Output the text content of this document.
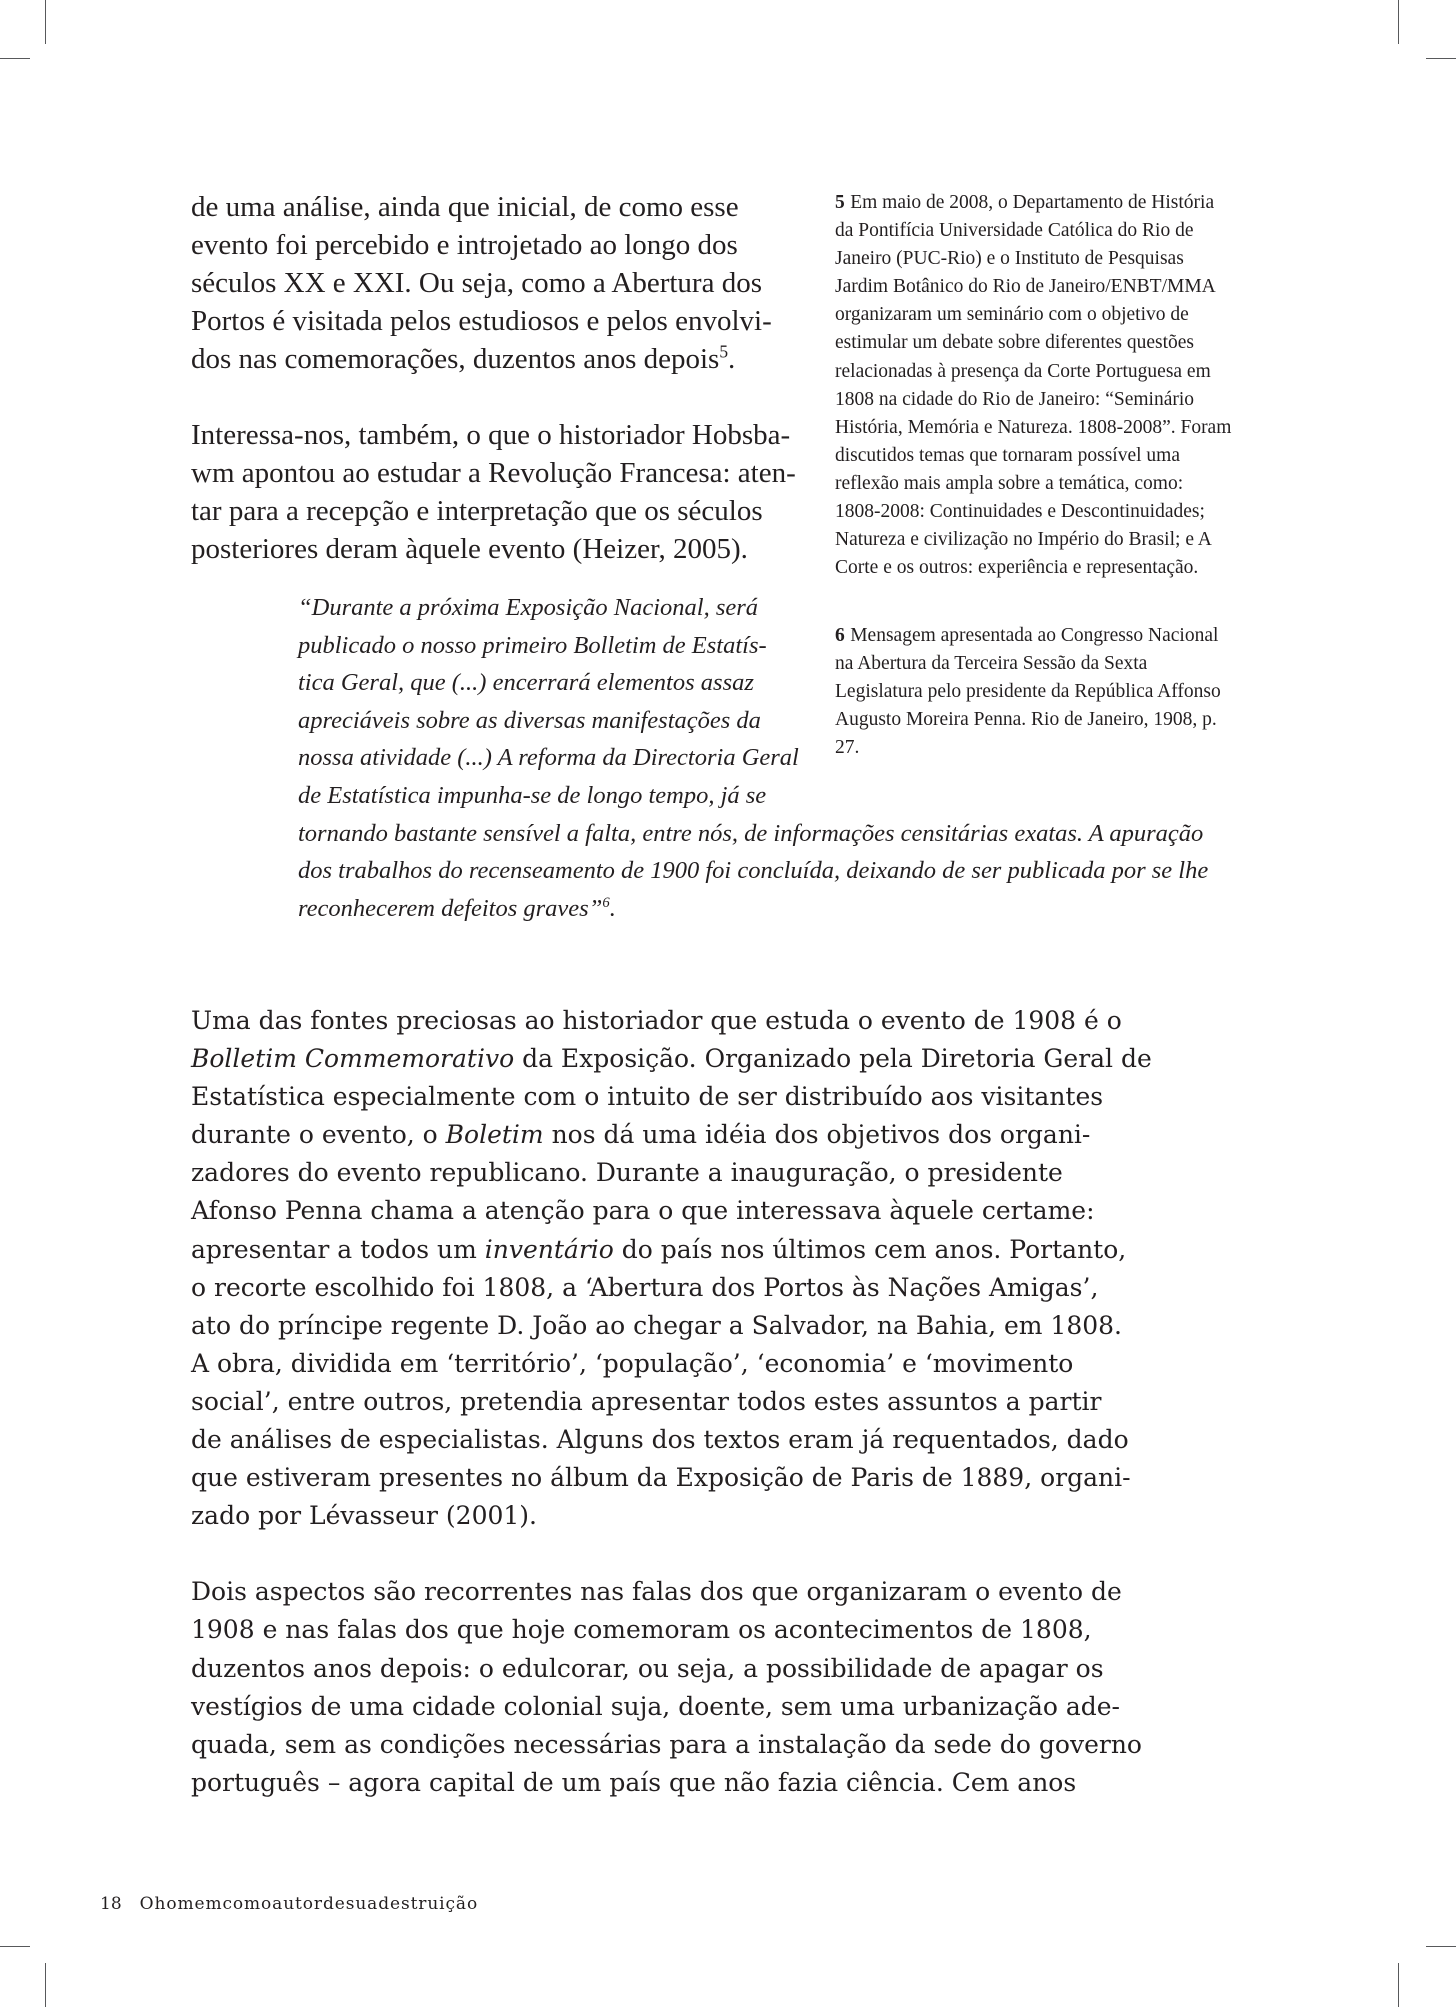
de uma análise, ainda que inicial, de como esse
evento foi percebido e introjetado ao longo dos
séculos XX e XXI. Ou seja, como a Abertura dos
Portos é visitada pelos estudiosos e pelos envolvi-
dos nas comemorações, duzentos anos depois$^5$.
Interessa-nos, também, o que o historiador Hobsba-
wm apontou ao estudar a Revolução Francesa: aten-
tar para a recepção e interpretação que os séculos
posteriores deram àquele evento (Heizer, 2005).
“Durante a próxima Exposição Nacional, será
publicado o nosso primeiro Bolletim de Estatís-
tica Geral, que (...) encerrará elementos assaz
apreciáveis sobre as diversas manifestações da
nossa atividade (...) A reforma da Directoria Geral
de Estatística impunha-se de longo tempo, já se
tornando bastante sensível a falta, entre nós, de informações censitárias exatas. A apuração
dos trabalhos do recenseamento de 1900 foi concluída, deixando de ser publicada por se lhe
reconhecerem defeitos graves”$^6$.
5 Em maio de 2008, o Departamento de História
da Pontifícia Universidade Católica do Rio de
Janeiro (PUC-Rio) e o Instituto de Pesquisas
Jardim Botânico do Rio de Janeiro/ENBT/MMA
organizaram um seminário com o objetivo de
estimular um debate sobre diferentes questões
relacionadas à presença da Corte Portuguesa em
1808 na cidade do Rio de Janeiro: “Seminário
História, Memória e Natureza. 1808-2008”. Foram
discutidos temas que tornaram possível uma
reflexão mais ampla sobre a temática, como:
1808-2008: Continuidades e Descontinuidades;
Natureza e civilização no Império do Brasil; e A
Corte e os outros: experiência e representação.
6 Mensagem apresentada ao Congresso Nacional
na Abertura da Terceira Sessão da Sexta
Legislatura pelo presidente da República Affonso
Augusto Moreira Penna. Rio de Janeiro, 1908, p.
27.
Uma das fontes preciosas ao historiador que estuda o evento de 1908 é o
Bolletim Commemorativo da Exposição. Organizado pela Diretoria Geral de
Estatística especialmente com o intuito de ser distribuído aos visitantes
durante o evento, o Boletim nos dá uma idéia dos objetivos dos organi-
zadores do evento republicano. Durante a inauguração, o presidente
Afonso Penna chama a atenção para o que interessava àquele certame:
apresentar a todos um inventário do país nos últimos cem anos. Portanto,
o recorte escolhido foi 1808, a ‘Abertura dos Portos às Nações Amigas’,
ato do príncipe regente D. João ao chegar a Salvador, na Bahia, em 1808.
A obra, dividida em ‘território’, ‘população’, ‘economia’ e ‘movimento
social’, entre outros, pretendia apresentar todos estes assuntos a partir
de análises de especialistas. Alguns dos textos eram já requentados, dado
que estiveram presentes no álbum da Exposição de Paris de 1889, organi-
zado por Lévasseur (2001).
Dois aspectos são recorrentes nas falas dos que organizaram o evento de
1908 e nas falas dos que hoje comemoram os acontecimentos de 1808,
duzentos anos depois: o edulcorar, ou seja, a possibilidade de apagar os
vestígios de uma cidade colonial suja, doente, sem uma urbanização ade-
quada, sem as condições necessárias para a instalação da sede do governo
português – agora capital de um país que não fazia ciência. Cem anos
18 Ohomemcomoautordesuadestruição
